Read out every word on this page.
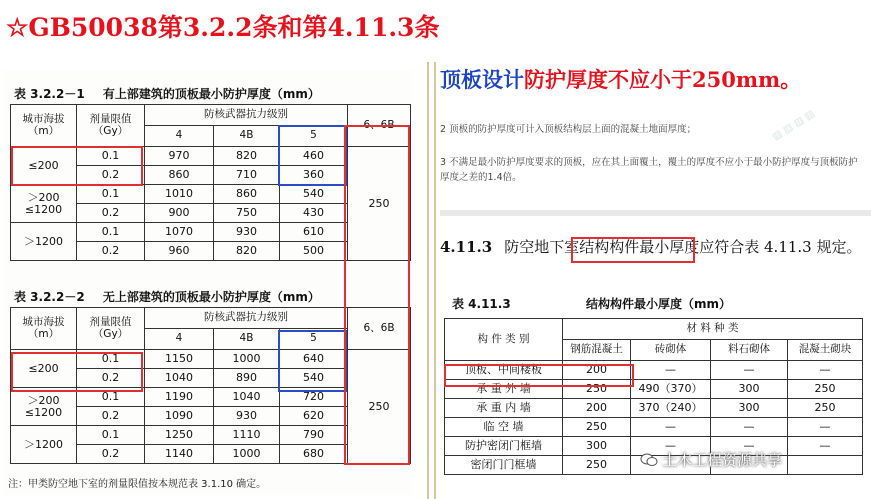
☆GB50038第3.2.2条和第4.11.3条
表 3.2.2－1 有上部建筑的顶板最小防护厚度（mm）
城市海拔
（m）	剂量限值
（Gy）	防核武器抗力级别			6、6B
		4	4B	5	
≤200	0.1	970	820	460	250
	0.2	860	710	360	
＞200
≤1200	0.1	1010	860	540	
	0.2	900	750	430	
＞1200	0.1	1070	930	610	
	0.2	960	820	500	
表 3.2.2－2 无上部建筑的顶板最小防护厚度（mm）
城市海拔
（m）	剂量限值
（Gy）	防核武器抗力级别			6、6B
		4	4B	5	
≤200	0.1	1150	1000	640	250
	0.2	1040	890	540	
＞200
≤1200	0.1	1190	1040	720	
	0.2	1090	930	620	
＞1200	0.1	1250	1110	790	
	0.2	1140	1000	680	
注：甲类防空地下室的剂量限值按本规范表 3.1.10 确定。
顶板设计防护厚度不应小于250mm。
2 顶板的防护厚度可计入顶板结构层上面的混凝土地面厚度；
3 不满足最小防护厚度要求的顶板，应在其上面覆土，覆土的厚度不应小于最小防护厚度与顶板防护厚度之差的1.4倍。
▨ ▨ ▨ ▨
4.11.3 防空地下室结构构件最小厚度应符合表 4.11.3 规定。
表 4.11.3	结构构件最小厚度（mm）
构 件 类 别	材 料 种 类			
	钢筋混凝土	砖砌体	料石砌体	混凝土砌块
顶板、中间楼板	200	—	—	—
承 重 外 墙	250	490（370）	300	250
承 重 内 墙	200	370（240）	300	250
临 空 墙	250	—	—	—
防护密闭门框墙	300	—	—	—
密闭门门框墙	250				土木工程资源共享
